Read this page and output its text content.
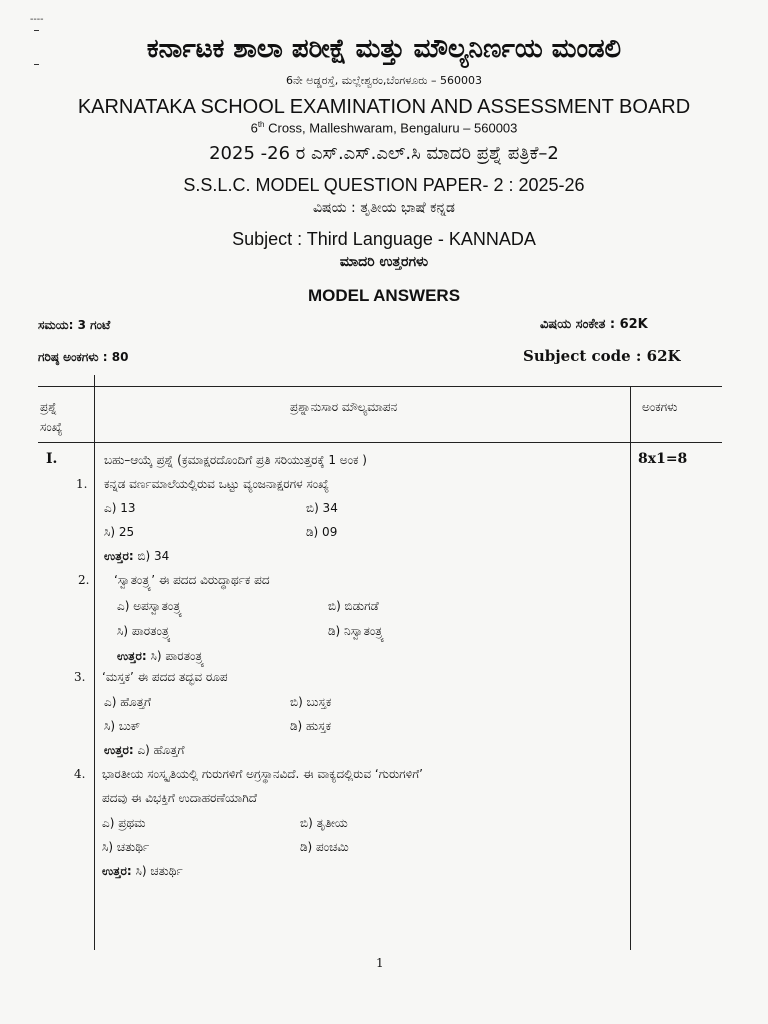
----
ಕರ್ನಾಟಕ ಶಾಲಾ ಪರೀಕ್ಷೆ ಮತ್ತು ಮೌಲ್ಯನಿರ್ಣಯ ಮಂಡಲಿ
6ನೇ ಅಡ್ಡರಸ್ತೆ, ಮಲ್ಲೇಶ್ವರಂ,ಬೆಂಗಳೂರು – 560003
KARNATAKA SCHOOL EXAMINATION AND ASSESSMENT BOARD
6th Cross, Malleshwaram, Bengaluru – 560003
2025 -26 ರ ಎಸ್.ಎಸ್.ಎಲ್.ಸಿ ಮಾದರಿ ಪ್ರಶ್ನೆ ಪತ್ರಿಕೆ–2
S.S.L.C. MODEL QUESTION PAPER- 2 : 2025-26
ವಿಷಯ : ತೃತೀಯ ಭಾಷೆ ಕನ್ನಡ
Subject : Third Language - KANNADA
ಮಾದರಿ ಉತ್ತರಗಳು
MODEL ANSWERS
ಸಮಯ: 3 ಗಂಟೆ	ವಿಷಯ ಸಂಕೇತ : 62K
ಗರಿಷ್ಠ ಅಂಕಗಳು : 80	Subject code : 62K
ಪ್ರಶ್ನೆ
ಸಂಖ್ಯೆ
ಪ್ರಶ್ನಾನುಸಾರ ಮೌಲ್ಯಮಾಪನ	ಅಂಕಗಳು
I.	ಬಹು–ಆಯ್ಕೆ ಪ್ರಶ್ನೆ (ಕ್ರಮಾಕ್ಷರದೊಂದಿಗೆ ಪ್ರತಿ ಸರಿಯುತ್ತರಕ್ಕೆ 1 ಅಂಕ )	8x1=8
1. ಕನ್ನಡ ವರ್ಣಮಾಲೆಯಲ್ಲಿರುವ ಒಟ್ಟು ವ್ಯಂಜನಾಕ್ಷರಗಳ ಸಂಖ್ಯೆ
ಎ) 13	ಬಿ) 34
ಸಿ) 25	ಡಿ) 09
ಉತ್ತರ: ಬಿ) 34
2. ‘ಸ್ವಾತಂತ್ರ್ಯ’ ಈ ಪದದ ವಿರುದ್ಧಾರ್ಥಕ ಪದ
ಎ) ಅಪಸ್ವಾತಂತ್ರ್ಯ	ಬಿ) ಬಿಡುಗಡೆ
ಸಿ) ಪಾರತಂತ್ರ್ಯ	ಡಿ) ನಿಸ್ವಾತಂತ್ರ್ಯ
ಉತ್ತರ: ಸಿ) ಪಾರತಂತ್ರ್ಯ
3. ‘ಮಸ್ತಕ’ ಈ ಪದದ ತದ್ಭವ ರೂಪ
ಎ) ಹೊತ್ತಗೆ	ಬಿ) ಬುಸ್ತಕ
ಸಿ) ಬುಕ್	ಡಿ) ಹುಸ್ತಕ
ಉತ್ತರ: ಎ) ಹೊತ್ತಗೆ
4. ಭಾರತೀಯ ಸಂಸ್ಕೃತಿಯಲ್ಲಿ ಗುರುಗಳಿಗೆ ಅಗ್ರಸ್ಥಾನವಿದೆ. ಈ ವಾಕ್ಯದಲ್ಲಿರುವ ‘ಗುರುಗಳಿಗೆ’
ಪದವು ಈ ವಿಭಕ್ತಿಗೆ ಉದಾಹರಣೆಯಾಗಿದೆ
ಎ) ಪ್ರಥಮ	ಬಿ) ತೃತೀಯ
ಸಿ) ಚತುರ್ಥಿ	ಡಿ) ಪಂಚಮಿ
ಉತ್ತರ: ಸಿ) ಚತುರ್ಥಿ
1
